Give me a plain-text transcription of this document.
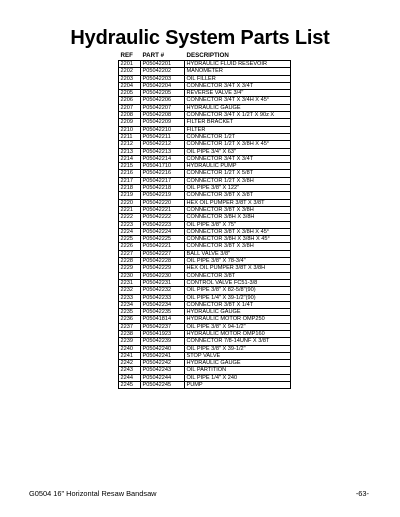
Hydraulic System Parts List
REF	PART #	DESCRIPTION
2201	P05042201	HYDRAULIC FLUID RESEVOIR
2202	P05042202	MANOMETER
2203	P05042203	OIL FILLER
2204	P05042204	CONNECTOR 3/4T X 3/4T
2205	P05042205	REVERSE VALVE 3/4"
2206	P05042206	CONNECTOR 3/4T X 3/4H X 45°
2207	P05042207	HYDRAULIC GAUGE
2208	P05042208	CONNECTOR 3/4T X 1/2T X 90z X
2209	P05042209	FILTER BRACKET
2210	P05042210	FILTER
2211	P05042211	CONNECTOR 1/2T
2212	P05042212	CONNECTOR 1/2T X 3/8H X 45°
2213	P05042213	OIL PIPE 3/4" X 63"
2214	P05042214	CONNECTOR 3/4T X 3/4T
2215	P05041710	HYDRAULIC PUMP
2216	P05042216	CONNECTOR 1/2T X 5/8T
2217	P05042217	CONNECTOR 1/2T X 3/8H
2218	P05042218	OIL PIPE 3/8" X 122"
2219	P05042219	CONNECTOR 3/8T X 3/8T
2220	P05042220	HEX OIL PUMPER 3/8T X 3/8T
2221	P05042221	CONNECTOR 3/8T X 3/8H
2222	P05042222	CONNECTOR 3/8H X 3/8H
2223	P05042223	OIL PIPE 3/8" X 75"
2224	P05042224	CONNECTOR 3/8T X 3/8H X 45°
2225	P05042225	CONNECTOR 3/8H X 3/8H X 45°
2226	P05042221	CONNECTOR 3/8T X 3/8H
2227	P05042227	BALL VALVE 3/8"
2228	P05042228	OIL PIPE 3/8" X 78-3/4"
2229	P05042229	HEX OIL PUMPER 3/8T X 3/8H
2230	P05042230	CONNECTOR 3/8T
2231	P05042231	CONTROL VALVE FC51-3/8
2232	P05042232	OIL PIPE 3/8" X 82-5/8"(90)
2233	P05042233	OIL PIPE 1/4" X 39-1/2"(90)
2234	P05042234	CONNECTOR 3/8T X 1/4T
2235	P05042235	HYDRAULIC GAUGE
2236	P05041814	HYDRAULIC MOTOR OMP250
2237	P05042237	OIL PIPE 3/8" X 94-1/2"
2238	P05041923	HYDRAULIC MOTOR OMP160
2239	P05042239	CONNECTOR 7/8-14UNF X 3/8T
2240	P05042240	OIL PIPE 3/8" X 39-1/2"
2241	P05042241	STOP VALVE
2242	P05042242	HYDRAULIC GAUGE
2243	P05042243	OIL PARTITION
2244	P05042244	OIL PIPE 1/4" X 240
2245	P05042245	PUMP
G0504 16" Horizontal Resaw Bandsaw	-63-
